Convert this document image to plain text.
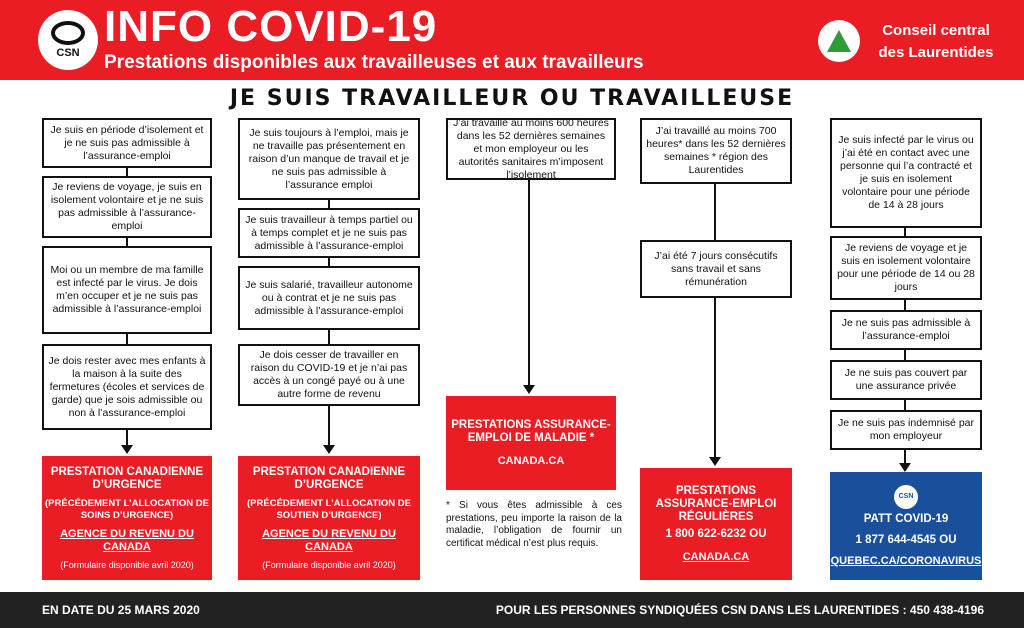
CSN
INFO COVID-19
Prestations disponibles aux travailleuses et aux travailleurs
Conseil central
des Laurentides
JE SUIS TRAVAILLEUR OU TRAVAILLEUSE
Je suis en période d’isolement et je ne suis pas admissible à l’assurance-emploi
Je reviens de voyage, je suis en isolement volontaire et je ne suis pas admissible à l’assurance-emploi
Moi ou un membre de ma famille est infecté par le virus. Je dois m’en occuper et je ne suis pas admissible à l’assurance-emploi
Je dois rester avec mes enfants à la maison à la suite des fermetures (écoles et services de garde) que je sois admissible ou non à l’assurance-emploi
PRESTATION CANADIENNE D’URGENCE
(PRÉCÉDEMENT L’ALLOCATION DE SOINS D’URGENCE)
AGENCE DU REVENU DU CANADA
(Formulaire disponible avril 2020)
Je suis toujours à l’emploi, mais je ne travaille pas présentement en raison d’un manque de travail et je ne suis pas admissible à l’assurance emploi
Je suis travailleur à temps partiel ou à temps complet et je ne suis pas admissible à l’assurance-emploi
Je suis salarié, travailleur autonome ou à contrat et je ne suis pas admissible à l’assurance-emploi
Je dois cesser de travailler en raison du COVID-19 et je n’ai pas accès à un congé payé ou à une autre forme de revenu
PRESTATION CANADIENNE D’URGENCE
(PRÉCÉDEMENT L’ALLOCATION DE SOUTIEN D’URGENCE)
AGENCE DU REVENU DU CANADA
(Formulaire disponible avril 2020)
J’ai travaillé au moins 600 heures dans les 52 dernières semaines et mon employeur ou les autorités sanitaires m’imposent l’isolement
PRESTATIONS ASSURANCE-EMPLOI DE MALADIE *
CANADA.CA
* Si vous êtes admissible à ces prestations, peu importe la raison de la maladie, l’obligation de fournir un certificat médical n’est plus requis.
J’ai travaillé au moins 700 heures* dans les 52 dernières semaines * région des Laurentides
J’ai été 7 jours consécutifs sans travail et sans rémunération
PRESTATIONS ASSURANCE-EMPLOI RÉGULIÈRES
1 800 622-6232 OU
CANADA.CA
Je suis infecté par le virus ou j’ai été en contact avec une personne qui l’a contracté et je suis en isolement volontaire pour une période de 14 à 28 jours
Je reviens de voyage et je suis en isolement volontaire pour une période de 14 ou 28 jours
Je ne suis pas admissible à l’assurance-emploi
Je ne suis pas couvert par une assurance privée
Je ne suis pas indemnisé par mon employeur
CSN
PATT COVID-19
1 877 644-4545 OU
QUEBEC.CA/CORONAVIRUS
EN DATE DU 25 MARS 2020	POUR LES PERSONNES SYNDIQUÉES CSN DANS LES LAURENTIDES : 450 438-4196
